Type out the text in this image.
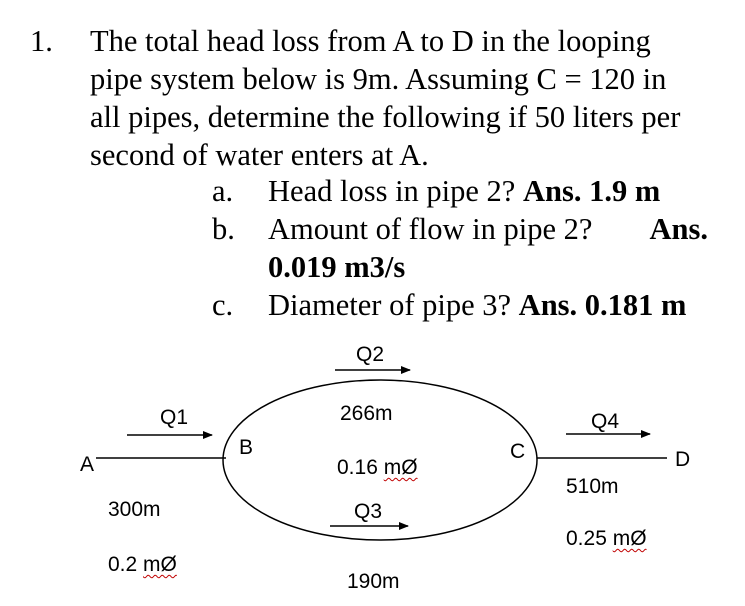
1. The total head loss from A to D in the looping
pipe system below is 9m. Assuming C = 120 in
all pipes, determine the following if 50 liters per
second of water enters at A.
a. Head loss in pipe 2? Ans. 1.9 m
b. Amount of flow in pipe 2? Ans.
0.019 m3/s
c. Diameter of pipe 3? Ans. 0.181 m
A
B	C	D
Q1
Q2
Q3
Q4
300m
0.2 mØ
266m
0.16 mØ
190m
510m
0.25 mØ
